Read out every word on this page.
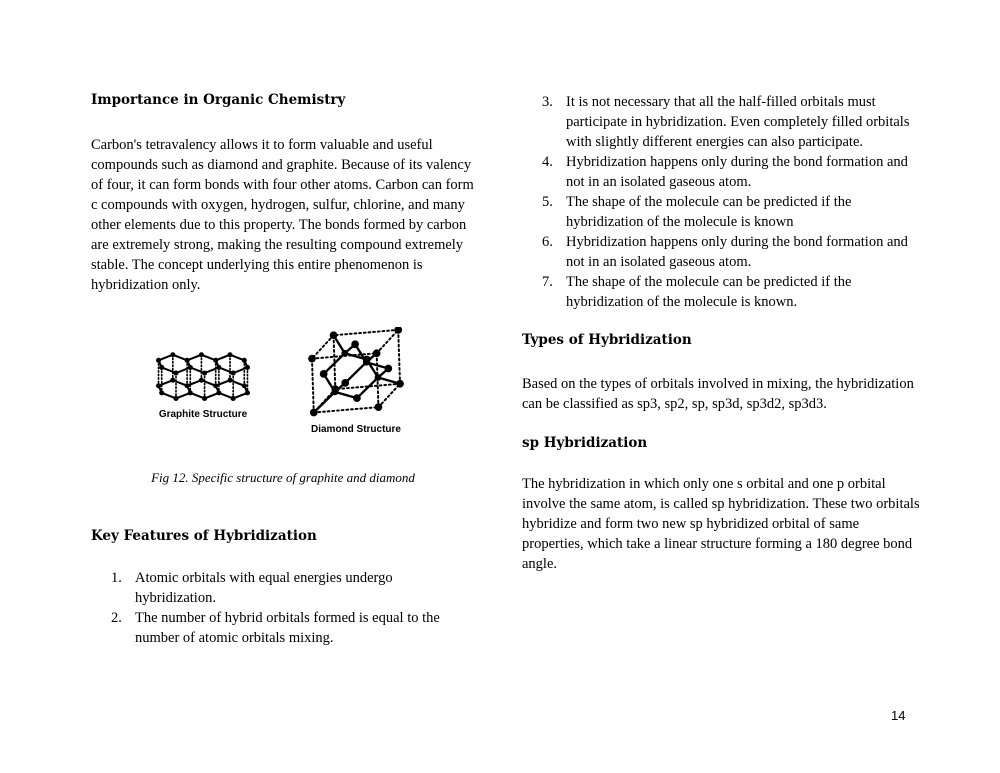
Importance in Organic Chemistry

Carbon's tetravalency allows it to form valuable and useful compounds such as diamond and graphite. Because of its valency of four, it can form bonds with four other atoms. Carbon can form c compounds with oxygen, hydrogen, sulfur, chlorine, and many other elements due to this property. The bonds formed by carbon are extremely strong, making the resulting compound extremely stable. The concept underlying this entire phenomenon is hybridization only.

Graphite Structure
Diamond Structure
Fig 12. Specific structure of graphite and diamond
Key Features of Hybridization
1. Atomic orbitals with equal energies undergo hybridization.
2. The number of hybrid orbitals formed is equal to the number of atomic orbitals mixing.
3. It is not necessary that all the half-filled orbitals must participate in hybridization. Even completely filled orbitals with slightly different energies can also participate.
4. Hybridization happens only during the bond formation and not in an isolated gaseous atom.
5. The shape of the molecule can be predicted if the hybridization of the molecule is known
6. Hybridization happens only during the bond formation and not in an isolated gaseous atom.
7. The shape of the molecule can be predicted if the hybridization of the molecule is known.
Types of Hybridization

Based on the types of orbitals involved in mixing, the hybridization can be classified as sp3, sp2, sp, sp3d, sp3d2, sp3d3.

sp Hybridization

The hybridization in which only one s orbital and one p orbital involve the same atom, is called sp hybridization. These two orbitals hybridize and form two new sp hybridized orbital of same properties, which take a linear structure forming a 180 degree bond angle.

14
